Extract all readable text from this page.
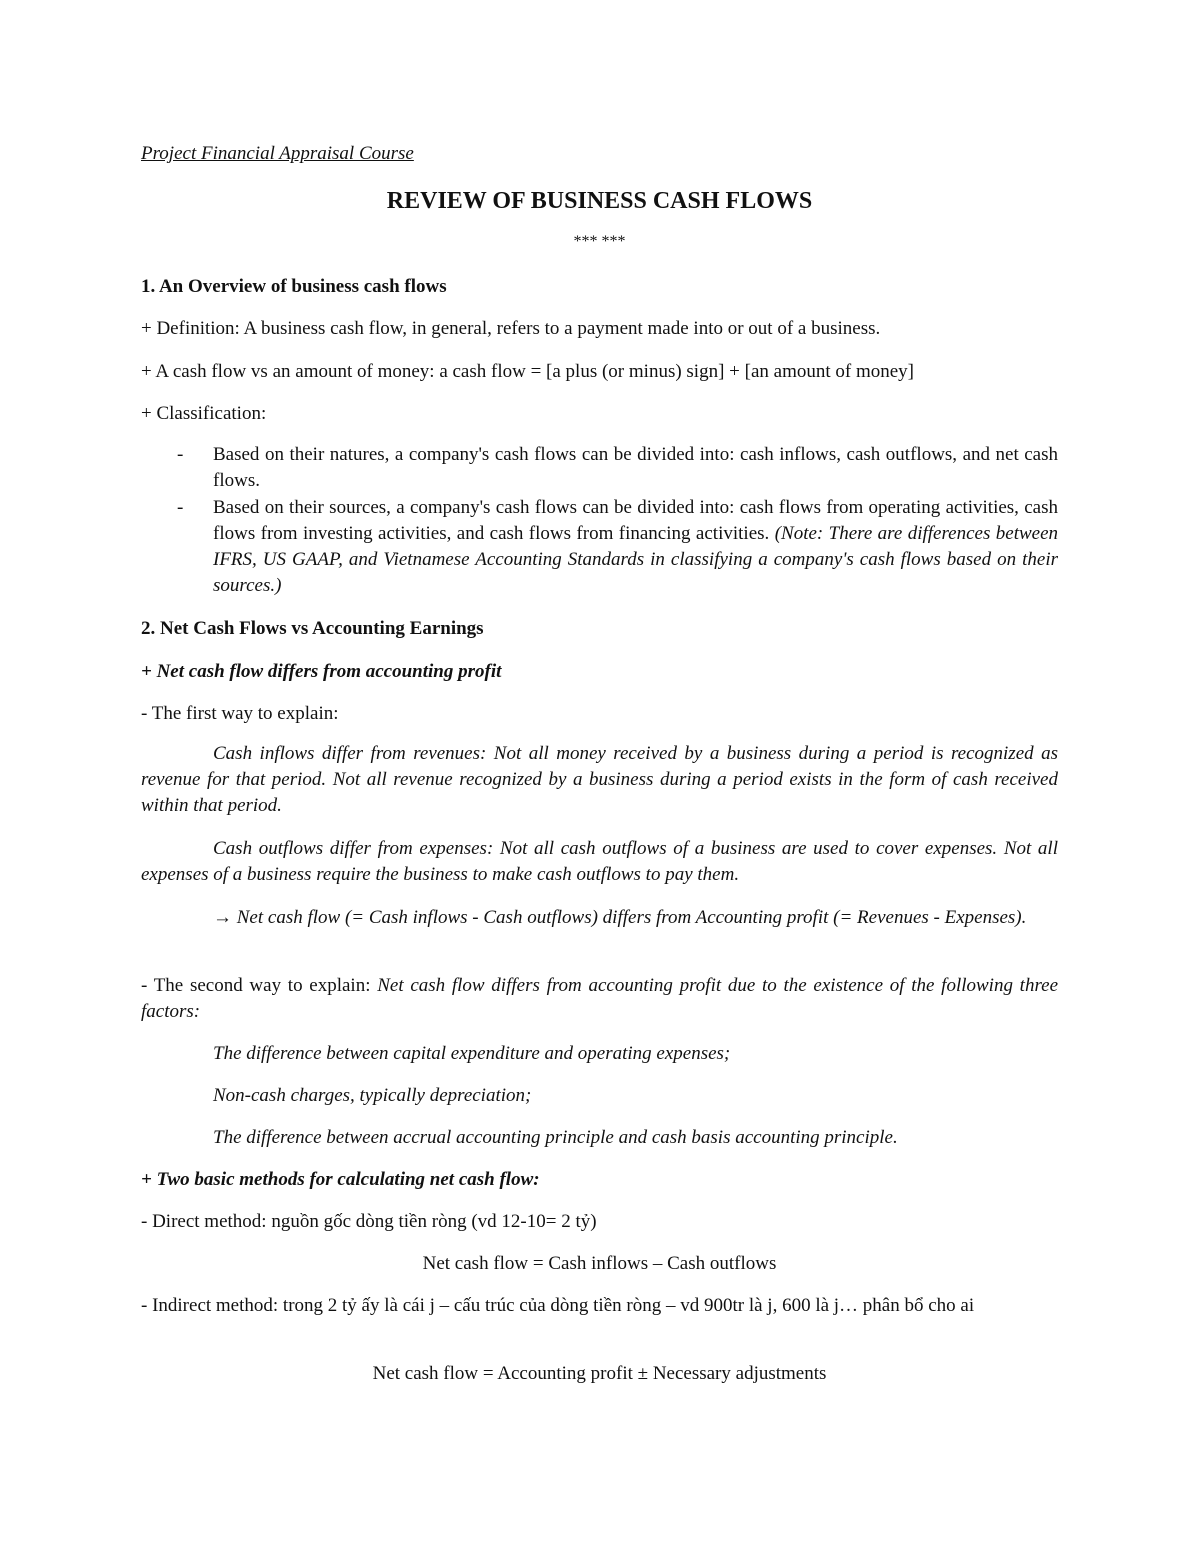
Project Financial Appraisal Course
REVIEW OF BUSINESS CASH FLOWS
*** ***
1. An Overview of business cash flows
+ Definition: A business cash flow, in general, refers to a payment made into or out of a business.
+ A cash flow vs an amount of money: a cash flow = [a plus (or minus) sign] + [an amount of money]
+ Classification:
- Based on their natures, a company's cash flows can be divided into: cash inflows, cash outflows, and net cash flows.
- Based on their sources, a company's cash flows can be divided into: cash flows from operating activities, cash flows from investing activities, and cash flows from financing activities. (Note: There are differences between IFRS, US GAAP, and Vietnamese Accounting Standards in classifying a company's cash flows based on their sources.)
2. Net Cash Flows vs Accounting Earnings
+ Net cash flow differs from accounting profit
- The first way to explain:
Cash inflows differ from revenues: Not all money received by a business during a period is recognized as revenue for that period. Not all revenue recognized by a business during a period exists in the form of cash received within that period.
Cash outflows differ from expenses: Not all cash outflows of a business are used to cover expenses. Not all expenses of a business require the business to make cash outflows to pay them.
→ Net cash flow (= Cash inflows - Cash outflows) differs from Accounting profit (= Revenues - Expenses).
- The second way to explain: Net cash flow differs from accounting profit due to the existence of the following three factors:
The difference between capital expenditure and operating expenses;
Non-cash charges, typically depreciation;
The difference between accrual accounting principle and cash basis accounting principle.
+ Two basic methods for calculating net cash flow:
- Direct method: nguồn gốc dòng tiền ròng (vd 12-10= 2 tỷ)
Net cash flow = Cash inflows – Cash outflows
- Indirect method: trong 2 tỷ ấy là cái j – cấu trúc của dòng tiền ròng – vd 900tr là j, 600 là j… phân bổ cho ai
Net cash flow = Accounting profit ± Necessary adjustments
